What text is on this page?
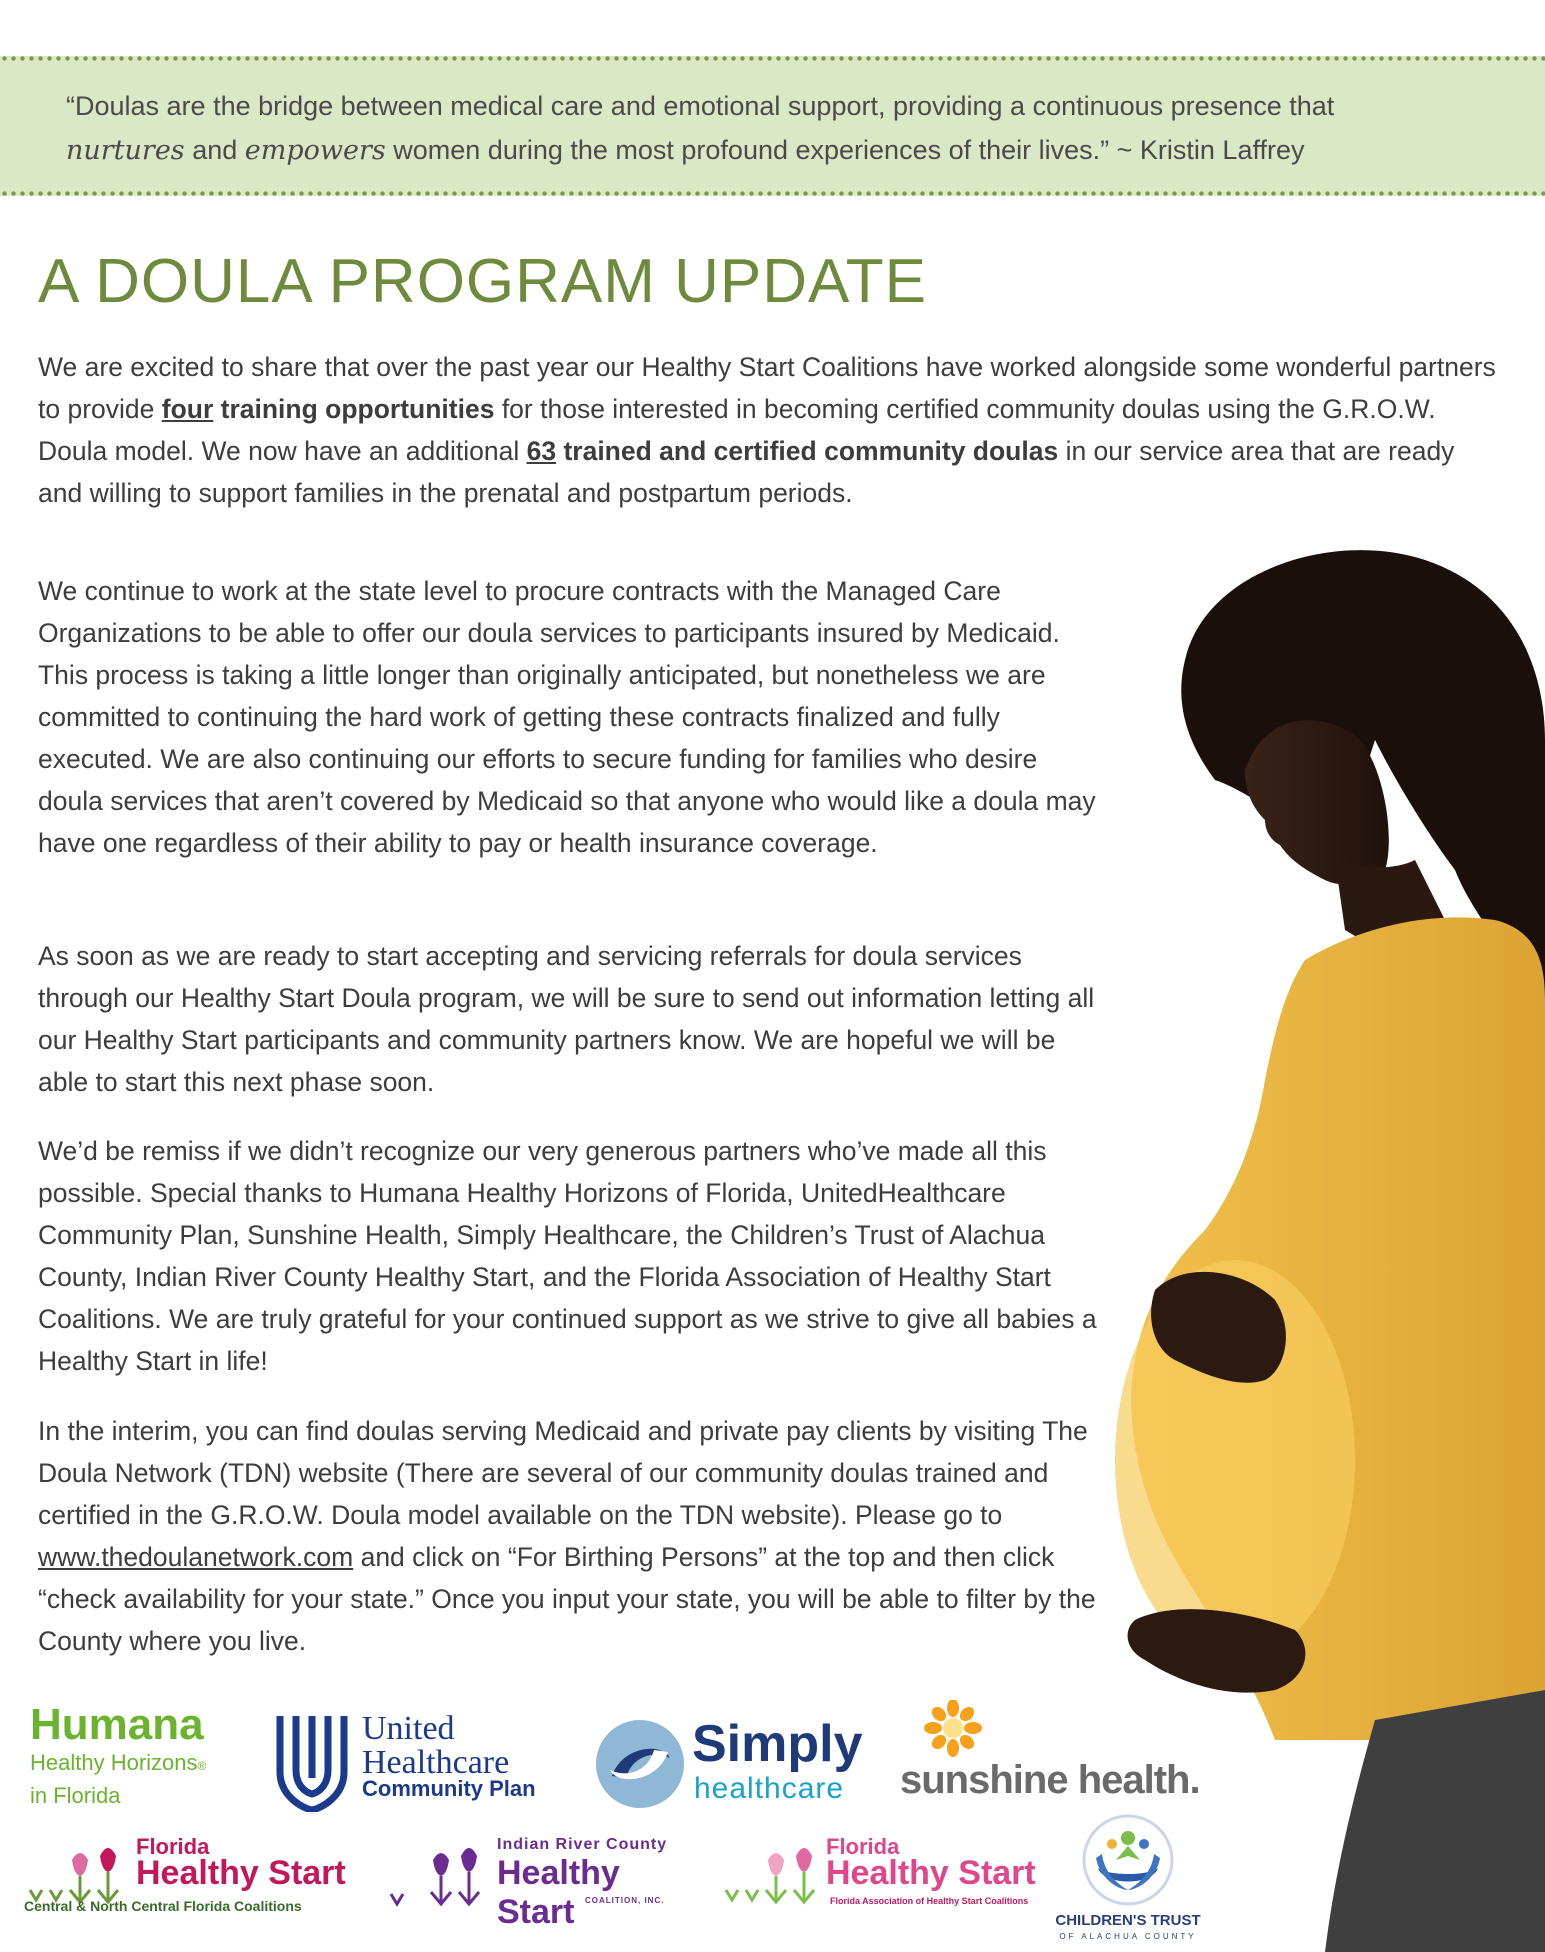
“Doulas are the bridge between medical care and emotional support, providing a continuous presence that
nurtures and empowers women during the most profound experiences of their lives.” ~ Kristin Laffrey
A DOULA PROGRAM UPDATE

We are excited to share that over the past year our Healthy Start Coalitions have worked alongside some wonderful partners to provide four training opportunities for those interested in becoming certified community doulas using the G.R.O.W. Doula model. We now have an additional 63 trained and certified community doulas in our service area that are ready and willing to support families in the prenatal and postpartum periods.

We continue to work at the state level to procure contracts with the Managed Care Organizations to be able to offer our doula services to participants insured by Medicaid. This process is taking a little longer than originally anticipated, but nonetheless we are committed to continuing the hard work of getting these contracts finalized and fully executed. We are also continuing our efforts to secure funding for families who desire doula services that aren’t covered by Medicaid so that anyone who would like a doula may have one regardless of their ability to pay or health insurance coverage.

As soon as we are ready to start accepting and servicing referrals for doula services through our Healthy Start Doula program, we will be sure to send out information letting all our Healthy Start participants and community partners know. We are hopeful we will be able to start this next phase soon.

We’d be remiss if we didn’t recognize our very generous partners who’ve made all this possible. Special thanks to Humana Healthy Horizons of Florida, UnitedHealthcare Community Plan, Sunshine Health, Simply Healthcare, the Children’s Trust of Alachua County, Indian River County Healthy Start, and the Florida Association of Healthy Start Coalitions. We are truly grateful for your continued support as we strive to give all babies a Healthy Start in life!

In the interim, you can find doulas serving Medicaid and private pay clients by visiting The Doula Network (TDN) website (There are several of our community doulas trained and certified in the G.R.O.W. Doula model available on the TDN website). Please go to www.thedoulanetwork.com and click on “For Birthing Persons” at the top and then click “check availability for your state.” Once you input your state, you will be able to filter by the County where you live.

Humana
Healthy Horizons®
in Florida
United
Healthcare
Community Plan
Simply
healthcare sunshine health.
Florida
Healthy Start
Central & North Central Florida Coalitions
Indian River County
Healthy Start	COALITION, INC.
Florida
Healthy Start
Florida Association of Healthy Start Coalitions
CHILDREN'S TRUST
OF ALACHUA COUNTY
